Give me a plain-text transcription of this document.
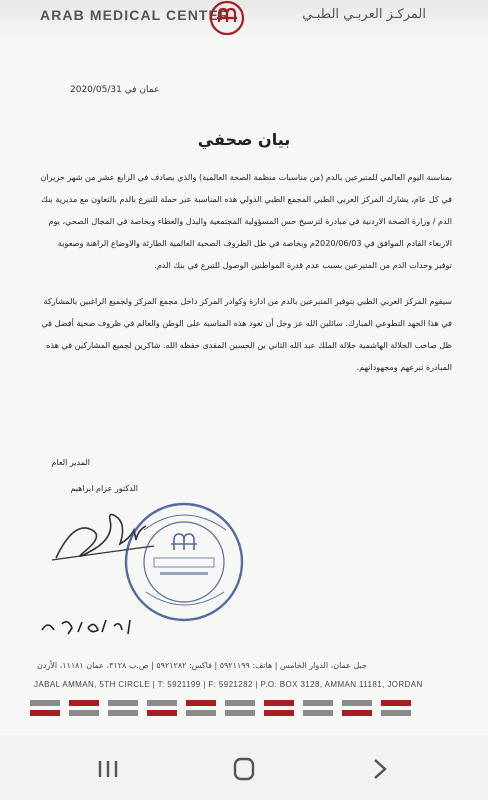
ARAB MEDICAL CENTER	المركـز العربـي الطبـي
عمان في 2020/05/31
بيان صحفي

بمناسبة اليوم العالمي للمتبرعين بالدم (من مناسبات منظمة الصحة العالمية) والذي يصادف في الرابع عشر من شهر حزيران

في كل عام، يشارك المركز العربي الطبي المجمع الطبي الدولي هذه المناسبة عبر حملة للتبرع بالدم بالتعاون مع مديرية بنك

الدم / وزارة الصحة الاردنية في مبادرة لترسيخ حس المسؤولية المجتمعية والبذل والعطاء وبخاصة في المجال الصحي، يوم

الاربعاء القادم الموافق في 2020/06/03م وبخاصة في ظل الظروف الصحية العالمية الطارئة والاوضاع الراهنة وصعوبة

توفير وحدات الدم من المتبرعين بسبب عدم قدرة المواطنين الوصول للتبرع في بنك الدم.

سيقوم المركز العربي الطبي بتوفير المتبرعين بالدم من ادارة وكوادر المركز داخل مجمع المركز ولجميع الراغبين بالمشاركة

في هذا الجهد التطوعي المبارك. سائلين الله عز وجل أن تعود هذه المناسبة على الوطن والعالم في ظروف صحية أفضل في

ظل صاحب الجلالة الهاشمية جلالة الملك عبد الله الثاني بن الحسين المفدى حفظه الله. شاكرين لجميع المشاركين في هذه

المبادرة تبرعهم ومجهوداتهم.

المدير العام
الدكتور عزام ابراهيم
جبل عمان، الدوار الخامس | هاتف: ٥٩٢١١٩٩ | فاكس: ٥٩٢١٢٨٢ | ص.ب ٣١٢٨، عمان ١١١٨١، الأردن
JABAL AMMAN, 5TH CIRCLE | T: 5921199 | F: 5921282 | P.O. BOX 3128, AMMAN 11181, JORDAN
